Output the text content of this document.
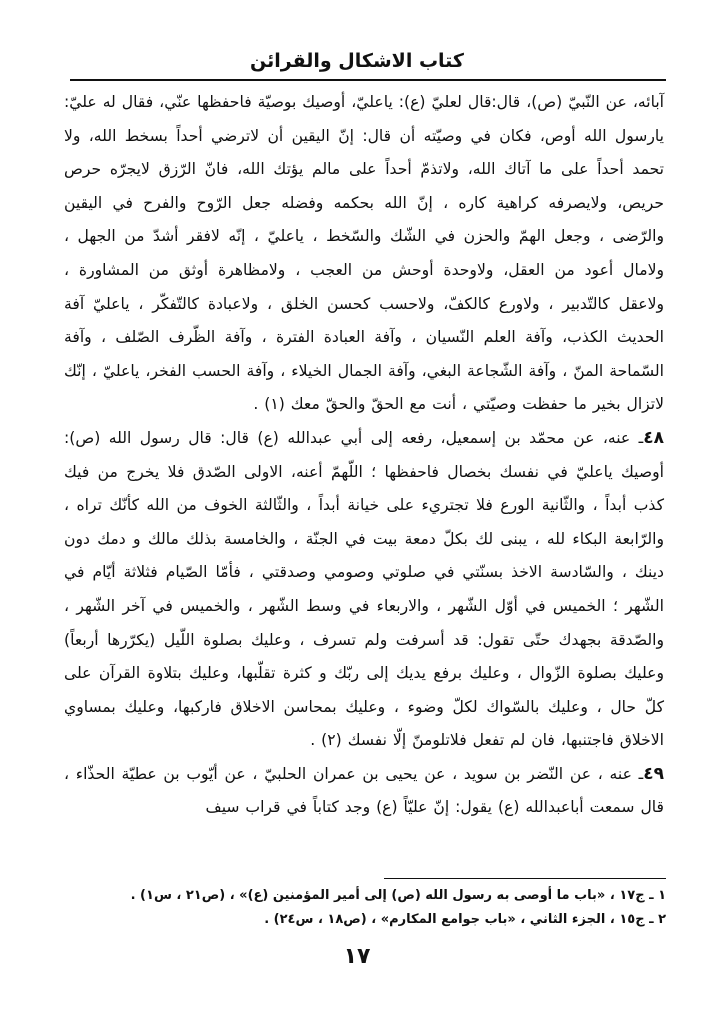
كتاب الاشكال والقرائن

آبائه، عن النّبيّ (ص)، قال:قال لعليّ (ع): ياعليّ، أوصيك بوصيّة فاحفظها عنّي، فقال له عليّ: يارسول الله أوص، فكان في وصيّته أن قال: إنّ اليقين أن لاترضي أحداً بسخط الله، ولا تحمد أحداً على ما آتاك الله، ولاتذمّ أحداً على مالم يؤتك الله، فانّ الرّزق لايجرّه حرص حريص، ولايصرفه كراهية كاره ، إنّ الله بحكمه وفضله جعل الرّوح والفرح في اليقين والرّضى ، وجعل الهمّ والحزن في الشّك والسّخط ، ياعليّ ، إنّه لافقر أشدّ من الجهل ، ولامال أعود من العقل، ولاوحدة أوحش من العجب ، ولامظاهرة أوثق من المشاورة ، ولاعقل كالتّدبير ، ولاورع كالكفّ، ولاحسب كحسن الخلق ، ولاعبادة كالتّفكّر ، ياعليّ آفة الحديث الكذب، وآفة العلم النّسيان ، وآفة العبادة الفترة ، وآفة الظّرف الصّلف ، وآفة السّماحة المنّ ، وآفة الشّجاعة البغي، وآفة الجمال الخيلاء ، وآفة الحسب الفخر، ياعليّ ، إنّك لاتزال بخير ما حفظت وصيّتي ، أنت مع الحقّ والحقّ معك (١) .

٤٨ـ عنه، عن محمّد بن إسمعيل، رفعه إلى أبي عبدالله (ع) قال: قال رسول الله (ص): أوصيك ياعليّ في نفسك بخصال فاحفظها ؛ اللّهمّ أعنه، الاولى الصّدق فلا يخرج من فيك كذب أبداً ، والثّانية الورع فلا تجتريء على خيانة أبداً ، والثّالثة الخوف من الله كأنّك تراه ، والرّابعة البكاء لله ، يبنى لك بكلّ دمعة بيت في الجنّة ، والخامسة بذلك مالك و دمك دون دينك ، والسّادسة الاخذ بسنّتي في صلوتي وصومي وصدقتي ، فأمّا الصّيام فثلاثة أيّام في الشّهر ؛ الخميس في أوّل الشّهر ، والاربعاء في وسط الشّهر ، والخميس في آخر الشّهر ، والصّدقة بجهدك حتّى تقول: قد أسرفت ولم تسرف ، وعليك بصلوة اللّيل (يكرّرها أربعاً) وعليك بصلوة الزّوال ، وعليك برفع يديك إلى ربّك و كثرة تقلّبها، وعليك بتلاوة القرآن على كلّ حال ، وعليك بالسّواك لكلّ وضوء ، وعليك بمحاسن الاخلاق فاركبها، وعليك بمساوي الاخلاق فاجتنبها، فان لم تفعل فلاتلومنّ إلّا نفسك (٢) .

٤٩ـ عنه ، عن النّضر بن سويد ، عن يحيى بن عمران الحلبيّ ، عن أيّوب بن عطيّة الحذّاء ، قال سمعت أباعبدالله (ع) يقول: إنّ عليّاً (ع) وجد كتاباً في قراب سيف

١ ـ ج١٧ ، «باب ما أوصى به رسول الله (ص) إلى أمير المؤمنين (ع)» ، (ص٢١ ، س١) .
٢ ـ ج١٥ ، الجزء الثاني ، «باب جوامع المكارم» ، (ص١٨ ، س٢٤) .
١٧
